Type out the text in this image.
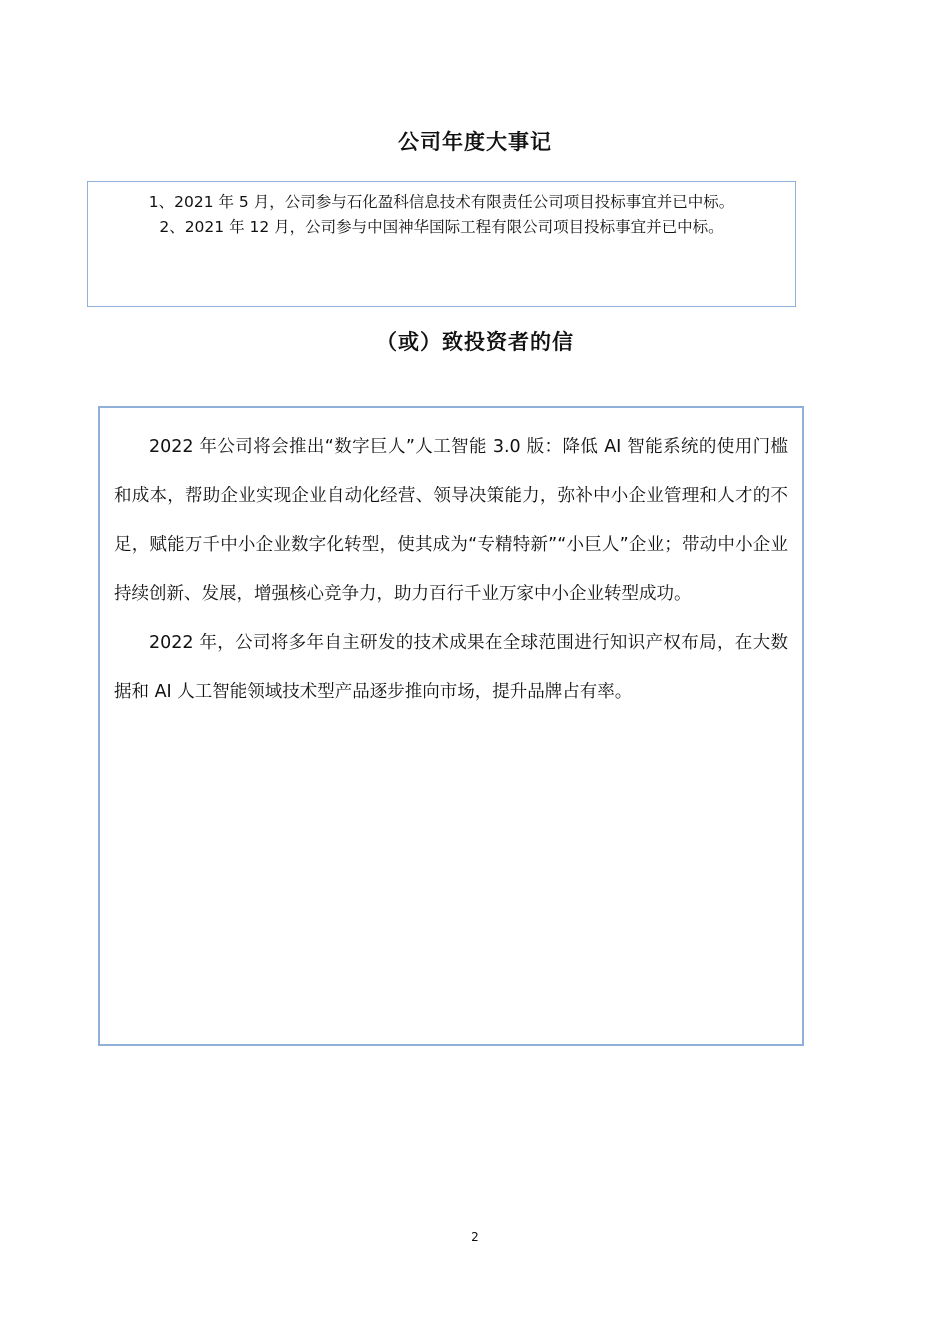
公司年度大事记
1、2021 年 5 月，公司参与石化盈科信息技术有限责任公司项目投标事宜并已中标。
2、2021 年 12 月，公司参与中国神华国际工程有限公司项目投标事宜并已中标。
（或）致投资者的信

2022 年公司将会推出“数字巨人”人工智能 3.0 版：降低 AI 智能系统的使用门槛和成本，帮助企业实现企业自动化经营、领导决策能力，弥补中小企业管理和人才的不足，赋能万千中小企业数字化转型，使其成为“专精特新”“小巨人”企业；带动中小企业持续创新、发展，增强核心竞争力，助力百行千业万家中小企业转型成功。

2022 年，公司将多年自主研发的技术成果在全球范围进行知识产权布局，在大数据和 AI 人工智能领域技术型产品逐步推向市场，提升品牌占有率。

2
